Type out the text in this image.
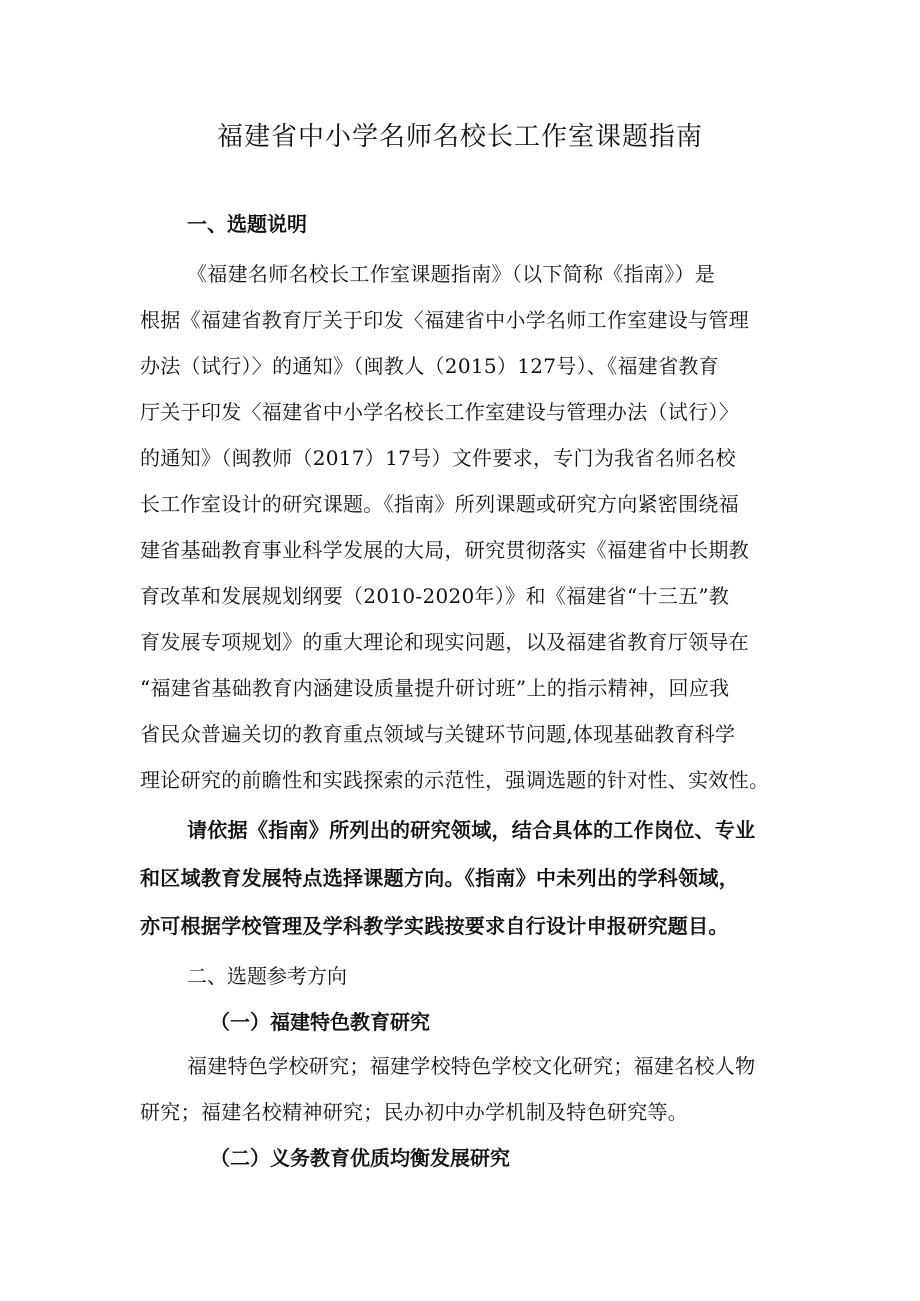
福建省中小学名师名校长工作室课题指南
一、选题说明
《福建名师名校长工作室课题指南》（以下简称《指南》）是
根据《福建省教育厅关于印发〈福建省中小学名师工作室建设与管理
办法（试行）〉的通知》（闽教人（2015）127号）、《福建省教育
厅关于印发〈福建省中小学名校长工作室建设与管理办法（试行）〉
的通知》（闽教师（2017）17号）文件要求，专门为我省名师名校
长工作室设计的研究课题。《指南》所列课题或研究方向紧密围绕福
建省基础教育事业科学发展的大局，研究贯彻落实《福建省中长期教
育改革和发展规划纲要（2010-2020年）》和《福建省“十三五”教
育发展专项规划》的重大理论和现实问题，以及福建省教育厅领导在
“福建省基础教育内涵建设质量提升研讨班”上的指示精神，回应我
省民众普遍关切的教育重点领域与关键环节问题,体现基础教育科学
理论研究的前瞻性和实践探索的示范性，强调选题的针对性、实效性。
请依据《指南》所列出的研究领域，结合具体的工作岗位、专业
和区域教育发展特点选择课题方向。《指南》中未列出的学科领域，
亦可根据学校管理及学科教学实践按要求自行设计申报研究题目。
二、选题参考方向
（一）福建特色教育研究
福建特色学校研究；福建学校特色学校文化研究；福建名校人物
研究；福建名校精神研究；民办初中办学机制及特色研究等。
（二）义务教育优质均衡发展研究
